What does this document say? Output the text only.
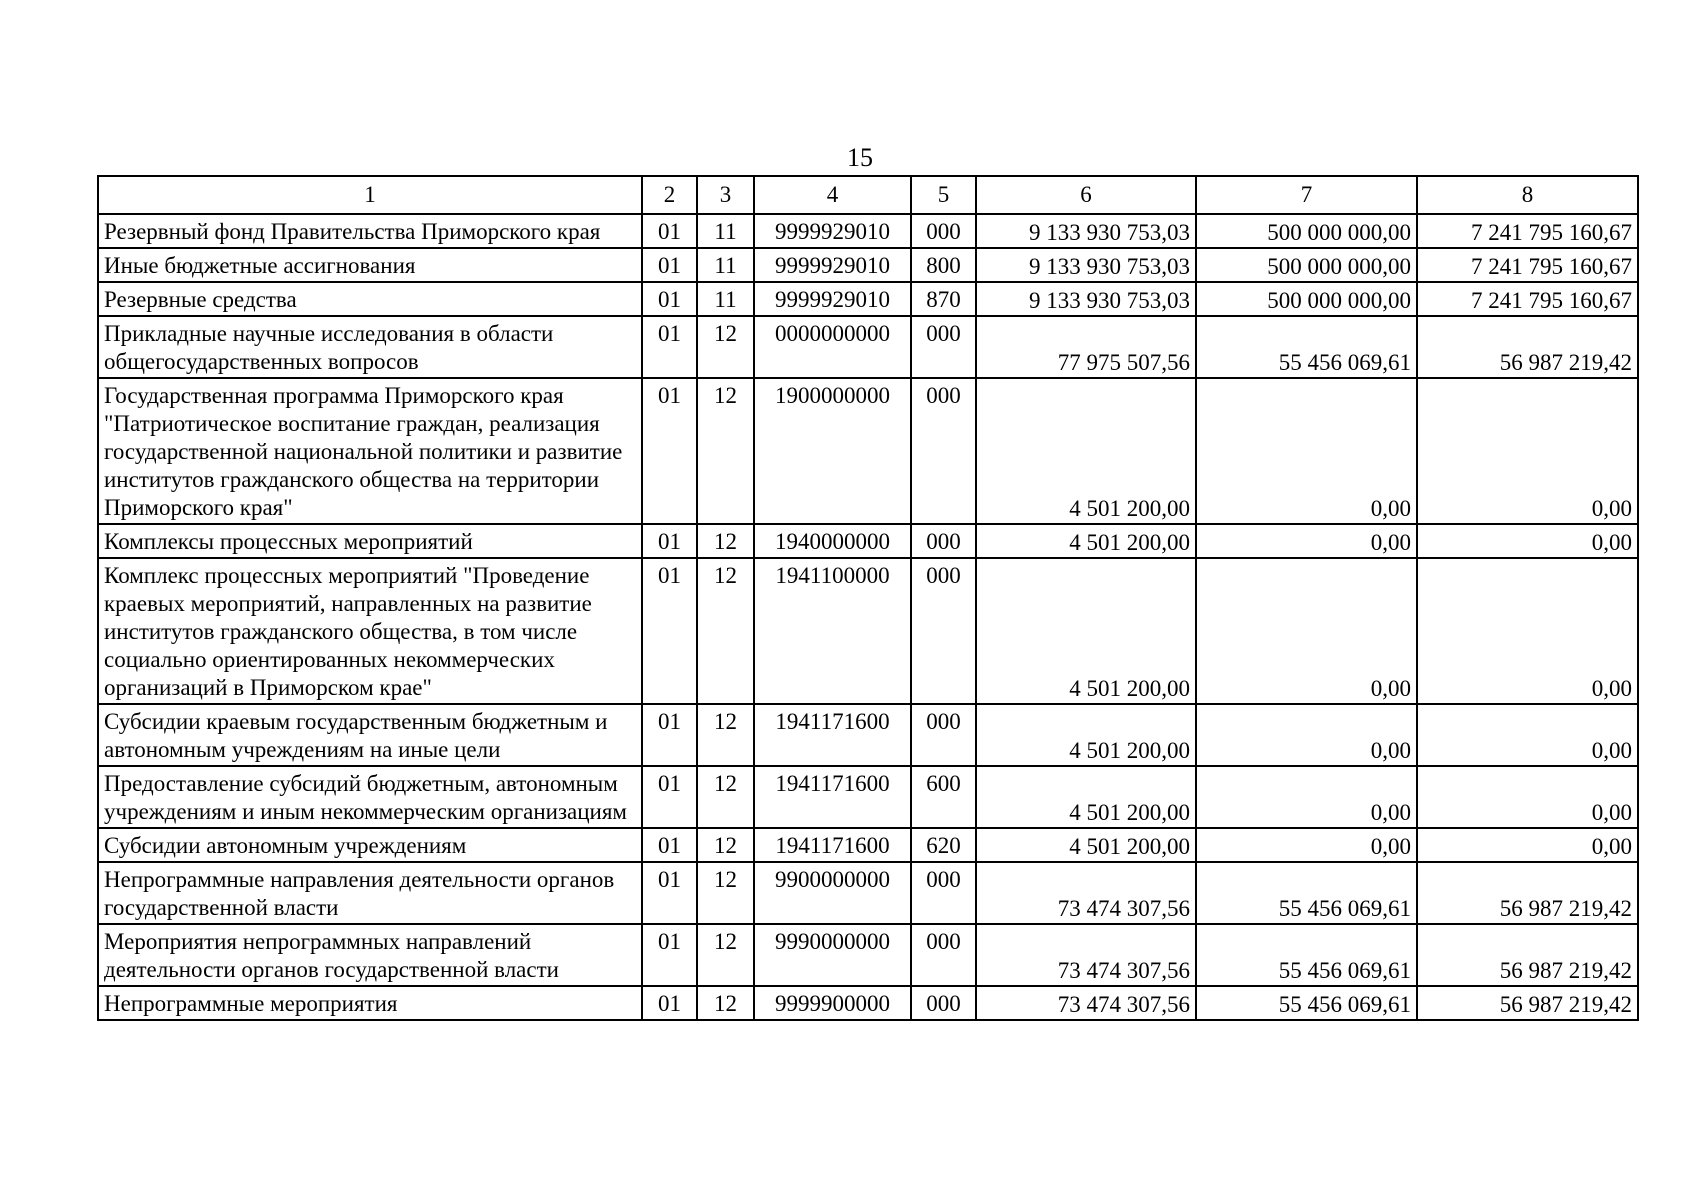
15
1	2	3	4	5	6	7	8
Резервный фонд Правительства Приморского края	01	11	9999929010	000	9 133 930 753,03	500 000 000,00	7 241 795 160,67
Иные бюджетные ассигнования	01	11	9999929010	800	9 133 930 753,03	500 000 000,00	7 241 795 160,67
Резервные средства	01	11	9999929010	870	9 133 930 753,03	500 000 000,00	7 241 795 160,67
Прикладные научные исследования в области общегосударственных вопросов	01	12	0000000000	000	77 975 507,56	55 456 069,61	56 987 219,42
Государственная программа Приморского края "Патриотическое воспитание граждан, реализация государственной национальной политики и развитие институтов гражданского общества на территории Приморского края"	01	12	1900000000	000	4 501 200,00	0,00	0,00
Комплексы процессных мероприятий	01	12	1940000000	000	4 501 200,00	0,00	0,00
Комплекс процессных мероприятий "Проведение краевых мероприятий, направленных на развитие институтов гражданского общества, в том числе социально ориентированных некоммерческих организаций в Приморском крае"	01	12	1941100000	000	4 501 200,00	0,00	0,00
Субсидии краевым государственным бюджетным и автономным учреждениям на иные цели	01	12	1941171600	000	4 501 200,00	0,00	0,00
Предоставление субсидий бюджетным, автономным учреждениям и иным некоммерческим организациям	01	12	1941171600	600	4 501 200,00	0,00	0,00
Субсидии автономным учреждениям	01	12	1941171600	620	4 501 200,00	0,00	0,00
Непрограммные направления деятельности органов государственной власти	01	12	9900000000	000	73 474 307,56	55 456 069,61	56 987 219,42
Мероприятия непрограммных направлений деятельности органов государственной власти	01	12	9990000000	000	73 474 307,56	55 456 069,61	56 987 219,42
Непрограммные мероприятия	01	12	9999900000	000	73 474 307,56	55 456 069,61	56 987 219,42
